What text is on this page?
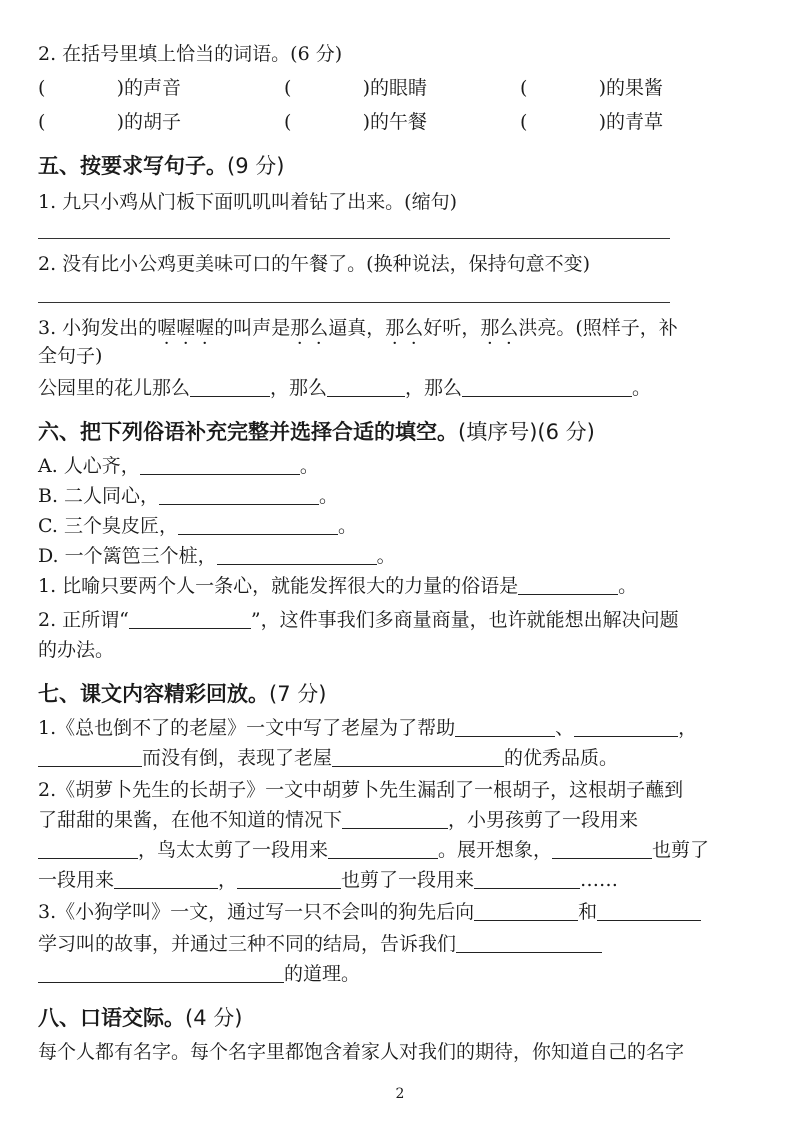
2. 在括号里填上恰当的词语。(6 分)
(	) 的声音	(	) 的眼睛	(	) 的果酱
(	) 的胡子	(	) 的午餐	(	) 的青草
五、按要求写句子。(9 分)
1. 九只小鸡从门板下面叽叽叫着钻了出来。(缩句)
2. 没有比小公鸡更美味可口的午餐了。(换种说法，保持句意不变)
3. 小狗发出的喔喔喔的叫声是那么逼真，那么好听，那么洪亮。(照样子，补
全句子)
公园里的花儿那么	，那么	，那么	。
六、把下列俗语补充完整并选择合适的填空。(填序号)(6 分)
A. 人心齐，	。
B. 二人同心，	。
C. 三个臭皮匠，	。
D. 一个篱笆三个桩，	。
1. 比喻只要两个人一条心，就能发挥很大的力量的俗语是	。
2. 正所谓“	”，这件事我们多商量商量，也许就能想出解决问题
的办法。
七、课文内容精彩回放。(7 分)
1.《总也倒不了的老屋》一文中写了老屋为了帮助	、	，
而没有倒，表现了老屋	的优秀品质。
2.《胡萝卜先生的长胡子》一文中胡萝卜先生漏刮了一根胡子，这根胡子蘸到
了甜甜的果酱，在他不知道的情况下	，小男孩剪了一段用来
，鸟太太剪了一段用来	。展开想象，	也剪了
一段用来	，	也剪了一段用来	……
3.《小狗学叫》一文，通过写一只不会叫的狗先后向	和
学习叫的故事，并通过三种不同的结局，告诉我们
的道理。
八、口语交际。(4 分)
每个人都有名字。每个名字里都饱含着家人对我们的期待，你知道自己的名字
2
